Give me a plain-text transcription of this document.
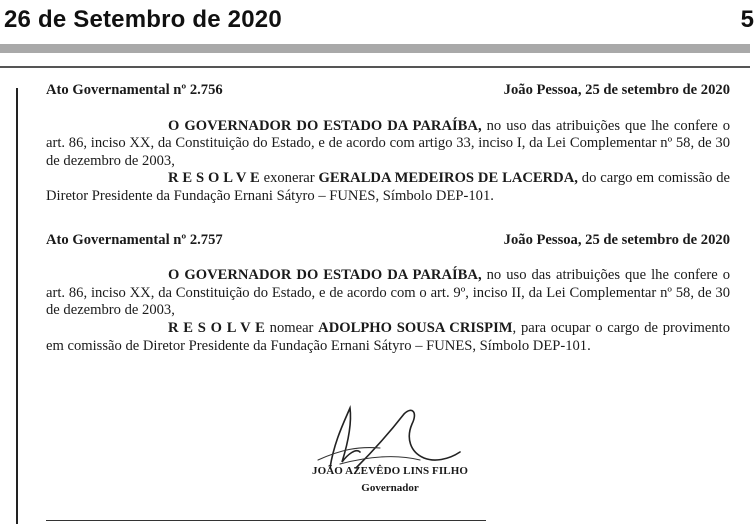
26 de Setembro de 2020	5
Ato Governamental nº 2.756	João Pessoa, 25 de setembro de 2020

O GOVERNADOR DO ESTADO DA PARAÍBA, no uso das atribuições que lhe confere o art. 86, inciso XX, da Constituição do Estado, e de acordo com artigo 33, inciso I, da Lei Complementar nº 58, de 30 de dezembro de 2003,

R E S O L V E exonerar GERALDA MEDEIROS DE LACERDA, do cargo em comissão de Diretor Presidente da Fundação Ernani Sátyro – FUNES, Símbolo DEP-101.

Ato Governamental nº 2.757	João Pessoa, 25 de setembro de 2020

O GOVERNADOR DO ESTADO DA PARAÍBA, no uso das atribuições que lhe confere o art. 86, inciso XX, da Constituição do Estado, e de acordo com o art. 9º, inciso II, da Lei Complementar nº 58, de 30 de dezembro de 2003,

R E S O L V E nomear ADOLPHO SOUSA CRISPIM, para ocupar o cargo de provimento em comissão de Diretor Presidente da Fundação Ernani Sátyro – FUNES, Símbolo DEP-101.

JOÃO AZEVÊDO LINS FILHO
Governador
